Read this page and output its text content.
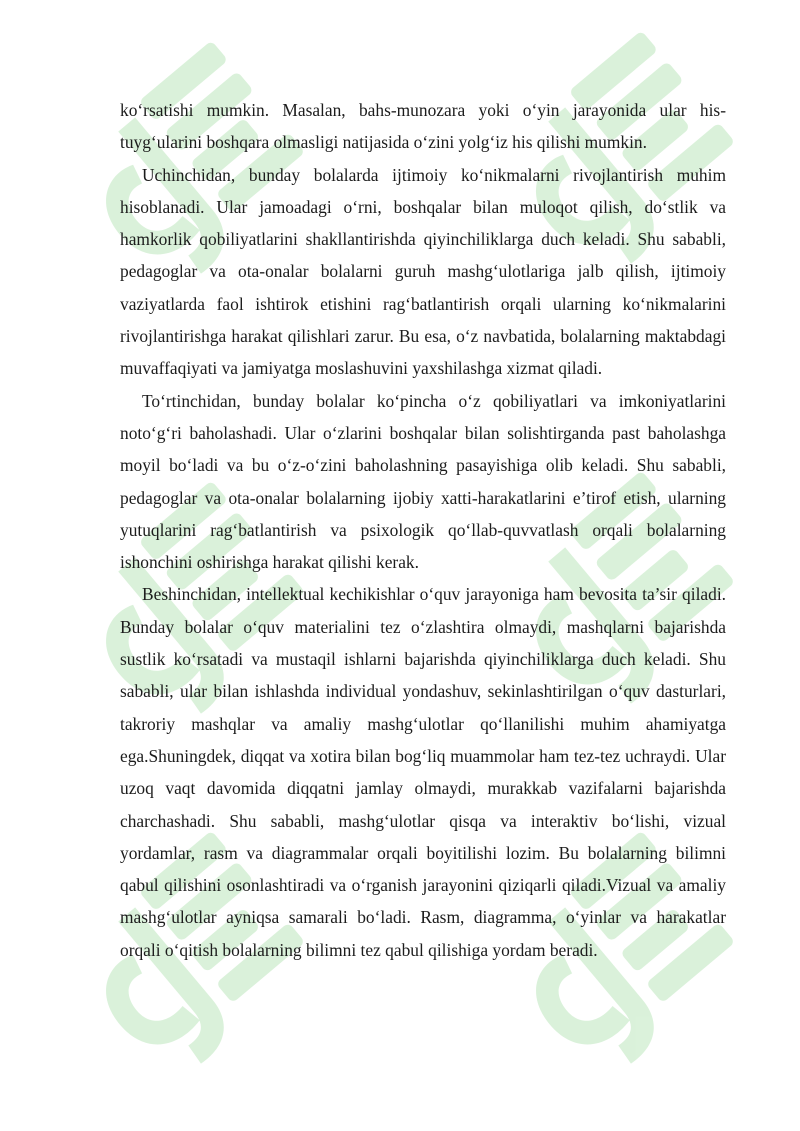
ko‘rsatishi mumkin. Masalan, bahs-munozara yoki o‘yin jarayonida ular his-tuyg‘ularini boshqara olmasligi natijasida o‘zini yolg‘iz his qilishi mumkin.

Uchinchidan, bunday bolalarda ijtimoiy ko‘nikmalarni rivojlantirish muhim hisoblanadi. Ular jamoadagi o‘rni, boshqalar bilan muloqot qilish, do‘stlik va hamkorlik qobiliyatlarini shakllantirishda qiyinchiliklarga duch keladi. Shu sababli, pedagoglar va ota-onalar bolalarni guruh mashg‘ulotlariga jalb qilish, ijtimoiy vaziyatlarda faol ishtirok etishini rag‘batlantirish orqali ularning ko‘nikmalarini rivojlantirishga harakat qilishlari zarur. Bu esa, o‘z navbatida, bolalarning maktabdagi muvaffaqiyati va jamiyatga moslashuvini yaxshilashga xizmat qiladi.

To‘rtinchidan, bunday bolalar ko‘pincha o‘z qobiliyatlari va imkoniyatlarini noto‘g‘ri baholashadi. Ular o‘zlarini boshqalar bilan solishtirganda past baholashga moyil bo‘ladi va bu o‘z-o‘zini baholashning pasayishiga olib keladi. Shu sababli, pedagoglar va ota-onalar bolalarning ijobiy xatti-harakatlarini e’tirof etish, ularning yutuqlarini rag‘batlantirish va psixologik qo‘llab-quvvatlash orqali bolalarning ishonchini oshirishga harakat qilishi kerak.

Beshinchidan, intellektual kechikishlar o‘quv jarayoniga ham bevosita ta’sir qiladi. Bunday bolalar o‘quv materialini tez o‘zlashtira olmaydi, mashqlarni bajarishda sustlik ko‘rsatadi va mustaqil ishlarni bajarishda qiyinchiliklarga duch keladi. Shu sababli, ular bilan ishlashda individual yondashuv, sekinlashtirilgan o‘quv dasturlari, takroriy mashqlar va amaliy mashg‘ulotlar qo‘llanilishi muhim ahamiyatga ega.Shuningdek, diqqat va xotira bilan bog‘liq muammolar ham tez-tez uchraydi. Ular uzoq vaqt davomida diqqatni jamlay olmaydi, murakkab vazifalarni bajarishda charchashadi. Shu sababli, mashg‘ulotlar qisqa va interaktiv bo‘lishi, vizual yordamlar, rasm va diagrammalar orqali boyitilishi lozim. Bu bolalarning bilimni qabul qilishini osonlashtiradi va o‘rganish jarayonini qiziqarli qiladi.Vizual va amaliy mashg‘ulotlar ayniqsa samarali bo‘ladi. Rasm, diagramma, o‘yinlar va harakatlar orqali o‘qitish bolalarning bilimni tez qabul qilishiga yordam beradi.
